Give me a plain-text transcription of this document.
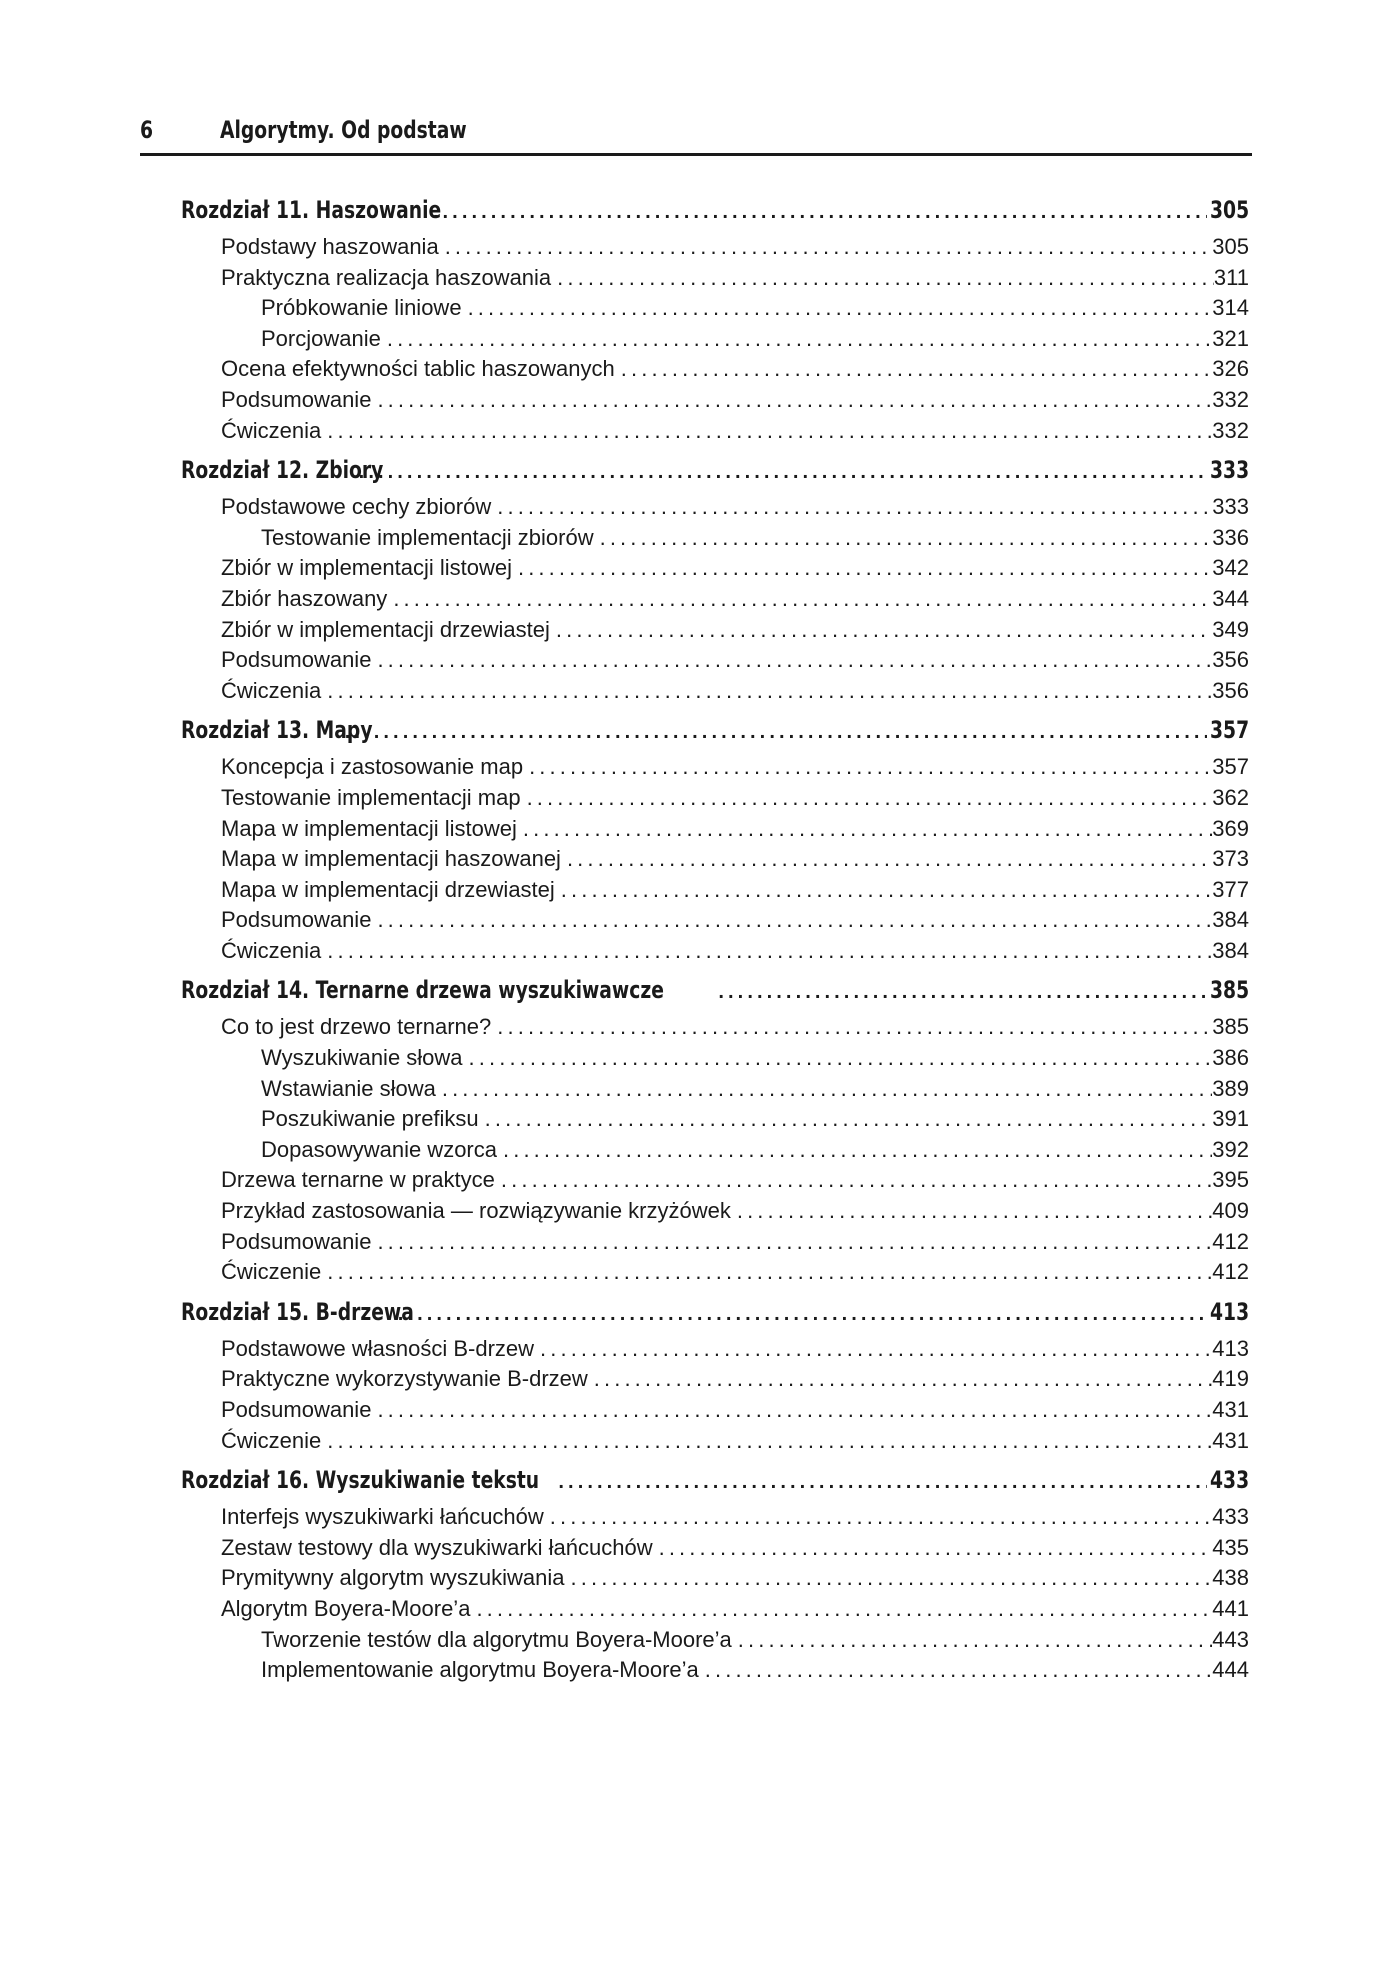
6	Algorytmy. Od podstaw
Rozdział 11. Haszowanie . . .	305
Podstawy haszowania . . .	305
Praktyczna realizacja haszowania . . .	311
Próbkowanie liniowe . . .	314
Porcjowanie . . .	321
Ocena efektywności tablic haszowanych . . .	326
Podsumowanie . . .	332
Ćwiczenia . . .	332
Rozdział 12. Zbiory . . .	333
Podstawowe cechy zbiorów . . .	333
Testowanie implementacji zbiorów . . .	336
Zbiór w implementacji listowej . . .	342
Zbiór haszowany . . .	344
Zbiór w implementacji drzewiastej . . .	349
Podsumowanie . . .	356
Ćwiczenia . . .	356
Rozdział 13. Mapy . . .	357
Koncepcja i zastosowanie map . . .	357
Testowanie implementacji map . . .	362
Mapa w implementacji listowej . . .	369
Mapa w implementacji haszowanej . . .	373
Mapa w implementacji drzewiastej . . .	377
Podsumowanie . . .	384
Ćwiczenia . . .	384
Rozdział 14. Ternarne drzewa wyszukiwawcze . . .	385
Co to jest drzewo ternarne? . . .	385
Wyszukiwanie słowa . . .	386
Wstawianie słowa . . .	389
Poszukiwanie prefiksu . . .	391
Dopasowywanie wzorca . . .	392
Drzewa ternarne w praktyce . . .	395
Przykład zastosowania — rozwiązywanie krzyżówek . . .	409
Podsumowanie . . .	412
Ćwiczenie . . .	412
Rozdział 15. B-drzewa . . .	413
Podstawowe własności B-drzew . . .	413
Praktyczne wykorzystywanie B-drzew . . .	419
Podsumowanie . . .	431
Ćwiczenie . . .	431
Rozdział 16. Wyszukiwanie tekstu . . .	433
Interfejs wyszukiwarki łańcuchów . . .	433
Zestaw testowy dla wyszukiwarki łańcuchów . . .	435
Prymitywny algorytm wyszukiwania . . .	438
Algorytm Boyera-Moore’a . . .	441
Tworzenie testów dla algorytmu Boyera-Moore’a . . .	443
Implementowanie algorytmu Boyera-Moore’a . . .	444
